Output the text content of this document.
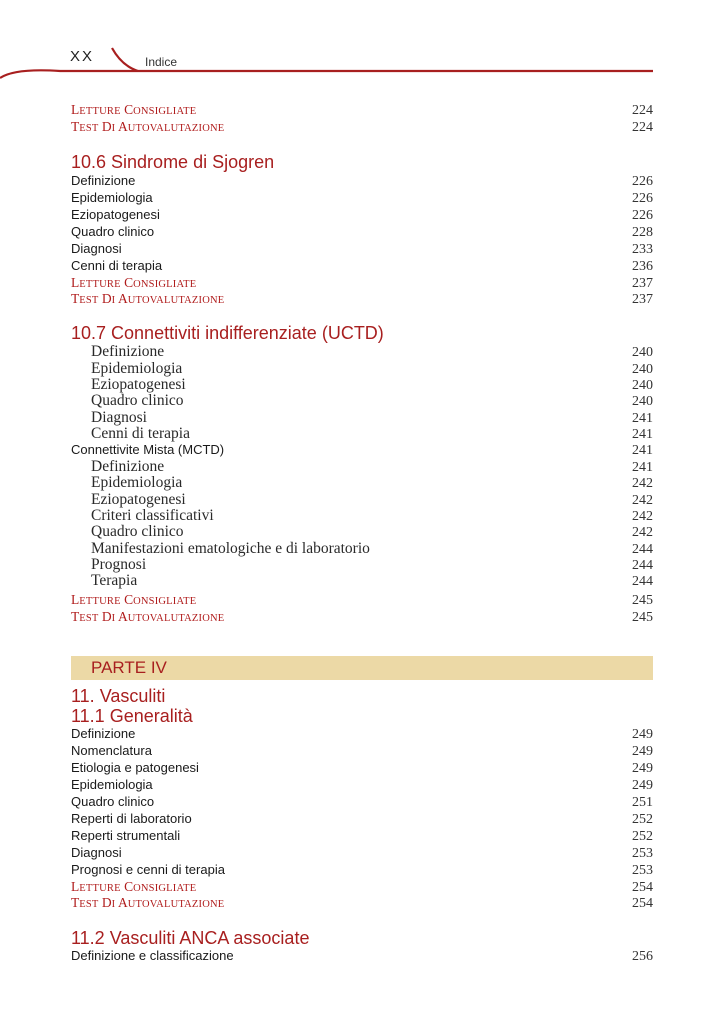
XX	Indice
LETTURE CONSIGLIATE	224
TEST DI AUTOVALUTAZIONE	224
10.6 Sindrome di Sjogren
Definizione	226
Epidemiologia	226
Eziopatogenesi	226
Quadro clinico	228
Diagnosi	233
Cenni di terapia	236
LETTURE CONSIGLIATE	237
TEST DI AUTOVALUTAZIONE	237
10.7 Connettiviti indifferenziate (UCTD)
Definizione	240
Epidemiologia	240
Eziopatogenesi	240
Quadro clinico	240
Diagnosi	241
Cenni di terapia	241
Connettivite Mista (MCTD)	241
Definizione	241
Epidemiologia	242
Eziopatogenesi	242
Criteri classificativi	242
Quadro clinico	242
Manifestazioni ematologiche e di laboratorio	244
Prognosi	244
Terapia	244
LETTURE CONSIGLIATE	245
TEST DI AUTOVALUTAZIONE	245
PARTE IV
11. Vasculiti
11.1 Generalità
Definizione	249
Nomenclatura	249
Etiologia e patogenesi	249
Epidemiologia	249
Quadro clinico	251
Reperti di laboratorio	252
Reperti strumentali	252
Diagnosi	253
Prognosi e cenni di terapia	253
LETTURE CONSIGLIATE	254
TEST DI AUTOVALUTAZIONE	254
11.2 Vasculiti ANCA associate
Definizione e classificazione	256
